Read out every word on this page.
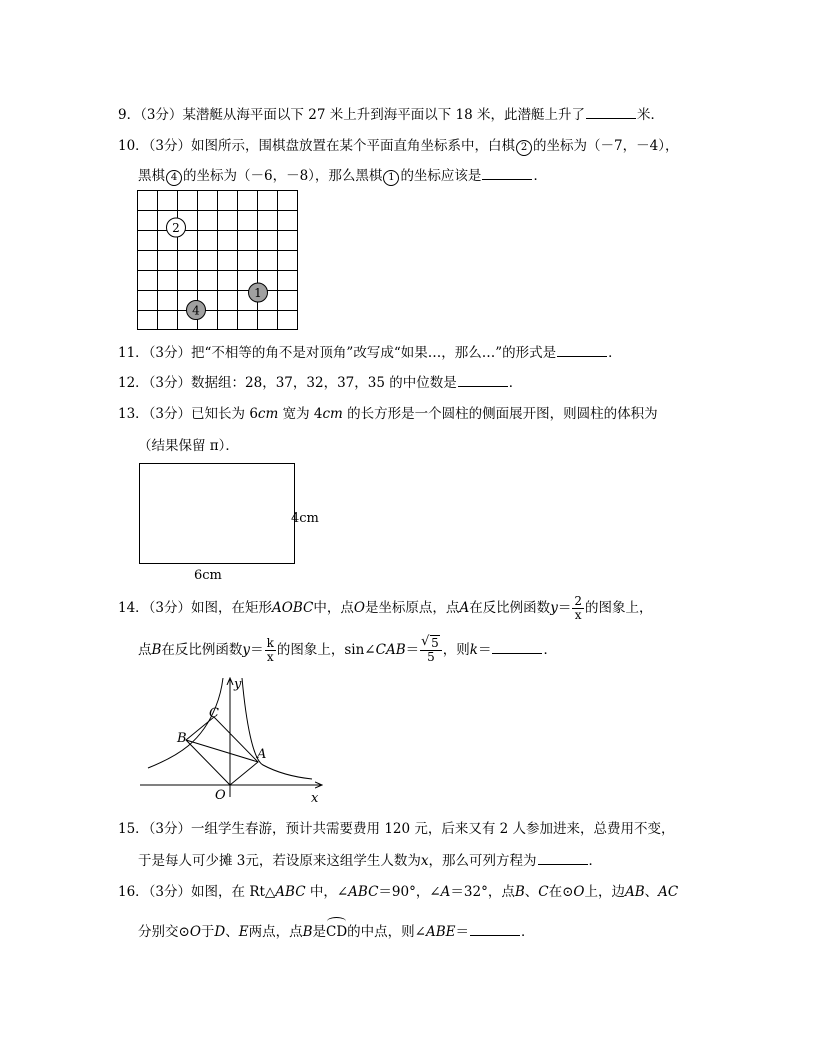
9．（3分）某潜艇从海平面以下 27 米上升到海平面以下 18 米，此潜艇上升了	米．
10．（3分）如图所示，围棋盘放置在某个平面直角坐标系中，白棋 2 的坐标为（－7，－4），
黑棋 4 的坐标为（－6，－8），那么黑棋 1 的坐标应该是	．
2
1
4
11．（3分）把“不相等的角不是对顶角”改写成“如果…，那么…”的形式是	．
12．（3分）数据组：28，37，32，37，35 的中位数是	．
13．（3分）已知长为 6cm 宽为 4cm 的长方形是一个圆柱的侧面展开图，则圆柱的体积为
（结果保留 π）．
4cm
6cm
14．（3分）如图，在矩形AOBC中，点O是坐标原点，点A在反比例函数$y= \frac{2}{x}$ 的图象上，
点B在反比例函数$y= \frac{k}{x}$ 的图象上，sin∠CAB＝
√ $\frac{5}{5}$ ，则k＝	．
y
x
O
A
B
C
15．（3分）一组学生春游，预计共需要费用 120 元，后来又有 2 人参加进来，总费用不变，
于是每人可少摊 3元，若设原来这组学生人数为x，那么可列方程为	．
16．（3分）如图，在 Rt△ABC 中，∠ABC＝90°，∠A＝32°，点B、C在⊙O上，边AB、AC
分别交⊙O于D、E两点，点B是CD的中点，则∠ABE＝	．
